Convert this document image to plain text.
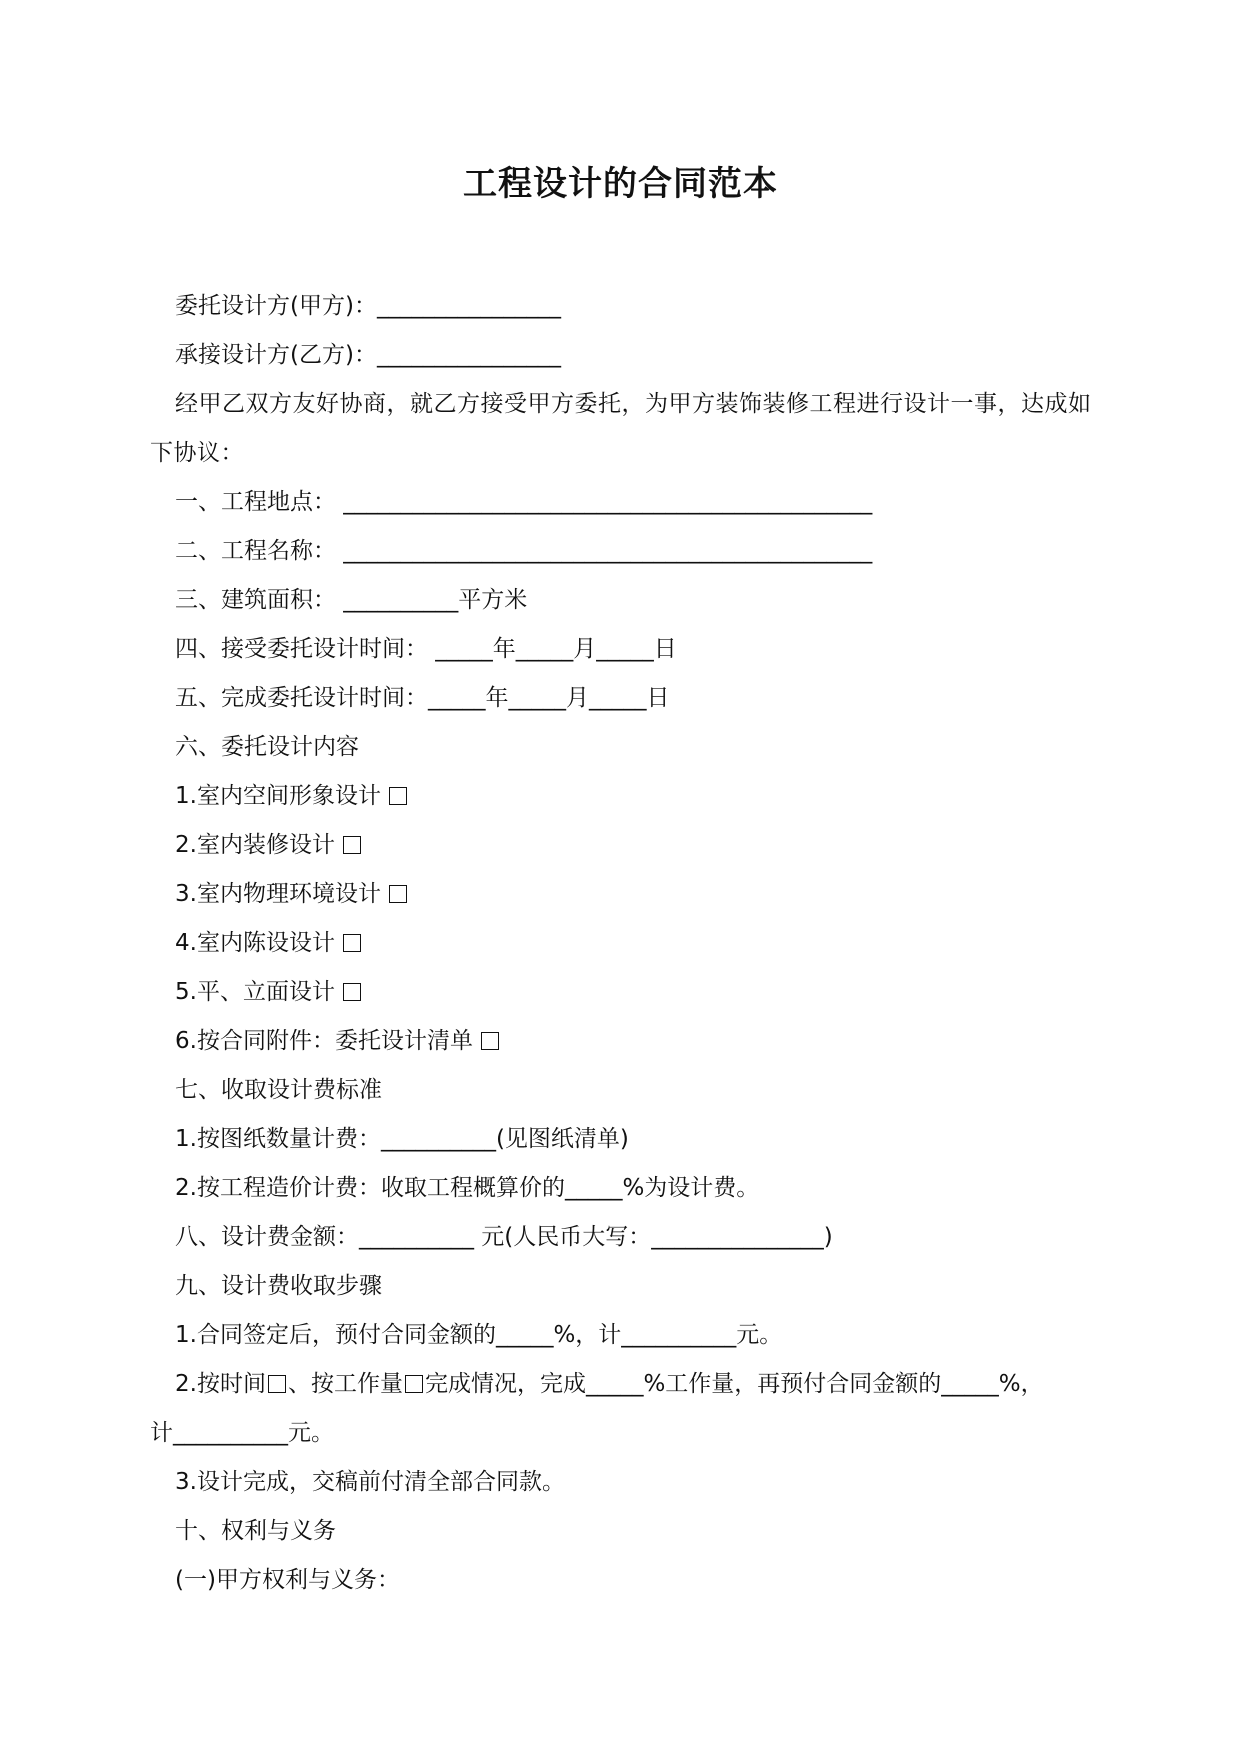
工程设计的合同范本
委托设计方(甲方)：________________
承接设计方(乙方)：________________
经甲乙双方友好协商，就乙方接受甲方委托，为甲方装饰装修工程进行设计一事，达成如下协议：
一、工程地点： ______________________________________________
二、工程名称： ______________________________________________
三、建筑面积： __________平方米
四、接受委托设计时间： _____年_____月_____日
五、完成委托设计时间：_____年_____月_____日
六、委托设计内容
1.室内空间形象设计
2.室内装修设计
3.室内物理环境设计
4.室内陈设设计
5.平、立面设计
6.按合同附件：委托设计清单
七、收取设计费标准
1.按图纸数量计费：__________(见图纸清单)
2.按工程造价计费：收取工程概算价的_____%为设计费。
八、设计费金额：__________ 元(人民币大写：_______________)
九、设计费收取步骤
1.合同签定后，预付合同金额的_____%，计__________元。
2.按时间 、按工作量 完成情况，完成_____%工作量，再预付合同金额的_____%，
计__________元。
3.设计完成，交稿前付清全部合同款。
十、权利与义务
(一)甲方权利与义务：
